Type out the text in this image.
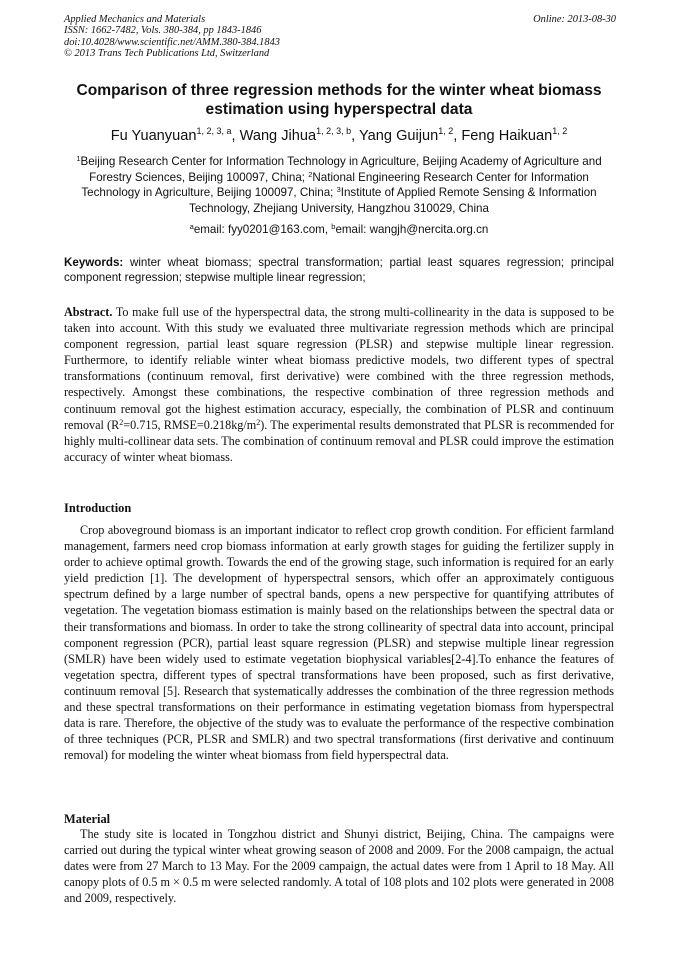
Applied Mechanics and Materials
ISSN: 1662-7482, Vols. 380-384, pp 1843-1846
doi:10.4028/www.scientific.net/AMM.380-384.1843
© 2013 Trans Tech Publications Ltd, Switzerland
Online: 2013-08-30
Comparison of three regression methods for the winter wheat biomass estimation using hyperspectral data
Fu Yuanyuan$^{1, 2, 3, a}$, Wang Jihua$^{1, 2, 3, b}$, Yang Guijun$^{1, 2}$, Feng Haikuan$^{1, 2}$
$^1$Beijing Research Center for Information Technology in Agriculture, Beijing Academy of Agriculture and Forestry Sciences, Beijing 100097, China; $^2$National Engineering Research Center for Information Technology in Agriculture, Beijing 100097, China; $^3$Institute of Applied Remote Sensing & Information Technology, Zhejiang University, Hangzhou 310029, China
$^a$email: fyy0201@163.com, $^b$email: wangjh@nercita.org.cn
Keywords: winter wheat biomass; spectral transformation; partial least squares regression; principal component regression; stepwise multiple linear regression;
Abstract. To make full use of the hyperspectral data, the strong multi-collinearity in the data is supposed to be taken into account. With this study we evaluated three multivariate regression methods which are principal component regression, partial least square regression (PLSR) and stepwise multiple linear regression. Furthermore, to identify reliable winter wheat biomass predictive models, two different types of spectral transformations (continuum removal, first derivative) were combined with the three regression methods, respectively. Amongst these combinations, the respective combination of three regression methods and continuum removal got the highest estimation accuracy, especially, the combination of PLSR and continuum removal ($R^2=0.715$, $RMSE=0.218kg/m^2$). The experimental results demonstrated that PLSR is recommended for highly multi-collinear data sets. The combination of continuum removal and PLSR could improve the estimation accuracy of winter wheat biomass.
Introduction
Crop aboveground biomass is an important indicator to reflect crop growth condition. For efficient farmland management, farmers need crop biomass information at early growth stages for guiding the fertilizer supply in order to achieve optimal growth. Towards the end of the growing stage, such information is required for an early yield prediction [1]. The development of hyperspectral sensors, which offer an approximately contiguous spectrum defined by a large number of spectral bands, opens a new perspective for quantifying attributes of vegetation. The vegetation biomass estimation is mainly based on the relationships between the spectral data or their transformations and biomass. In order to take the strong collinearity of spectral data into account, principal component regression (PCR), partial least square regression (PLSR) and stepwise multiple linear regression (SMLR) have been widely used to estimate vegetation biophysical variables[2-4].To enhance the features of vegetation spectra, different types of spectral transformations have been proposed, such as first derivative, continuum removal [5]. Research that systematically addresses the combination of the three regression methods and these spectral transformations on their performance in estimating vegetation biomass from hyperspectral data is rare. Therefore, the objective of the study was to evaluate the performance of the respective combination of three techniques (PCR, PLSR and SMLR) and two spectral transformations (first derivative and continuum removal) for modeling the winter wheat biomass from field hyperspectral data.
Material
The study site is located in Tongzhou district and Shunyi district, Beijing, China. The campaigns were carried out during the typical winter wheat growing season of 2008 and 2009. For the 2008 campaign, the actual dates were from 27 March to 13 May. For the 2009 campaign, the actual dates were from 1 April to 18 May. All canopy plots of 0.5 m × 0.5 m were selected randomly. A total of 108 plots and 102 plots were generated in 2008 and 2009, respectively.
